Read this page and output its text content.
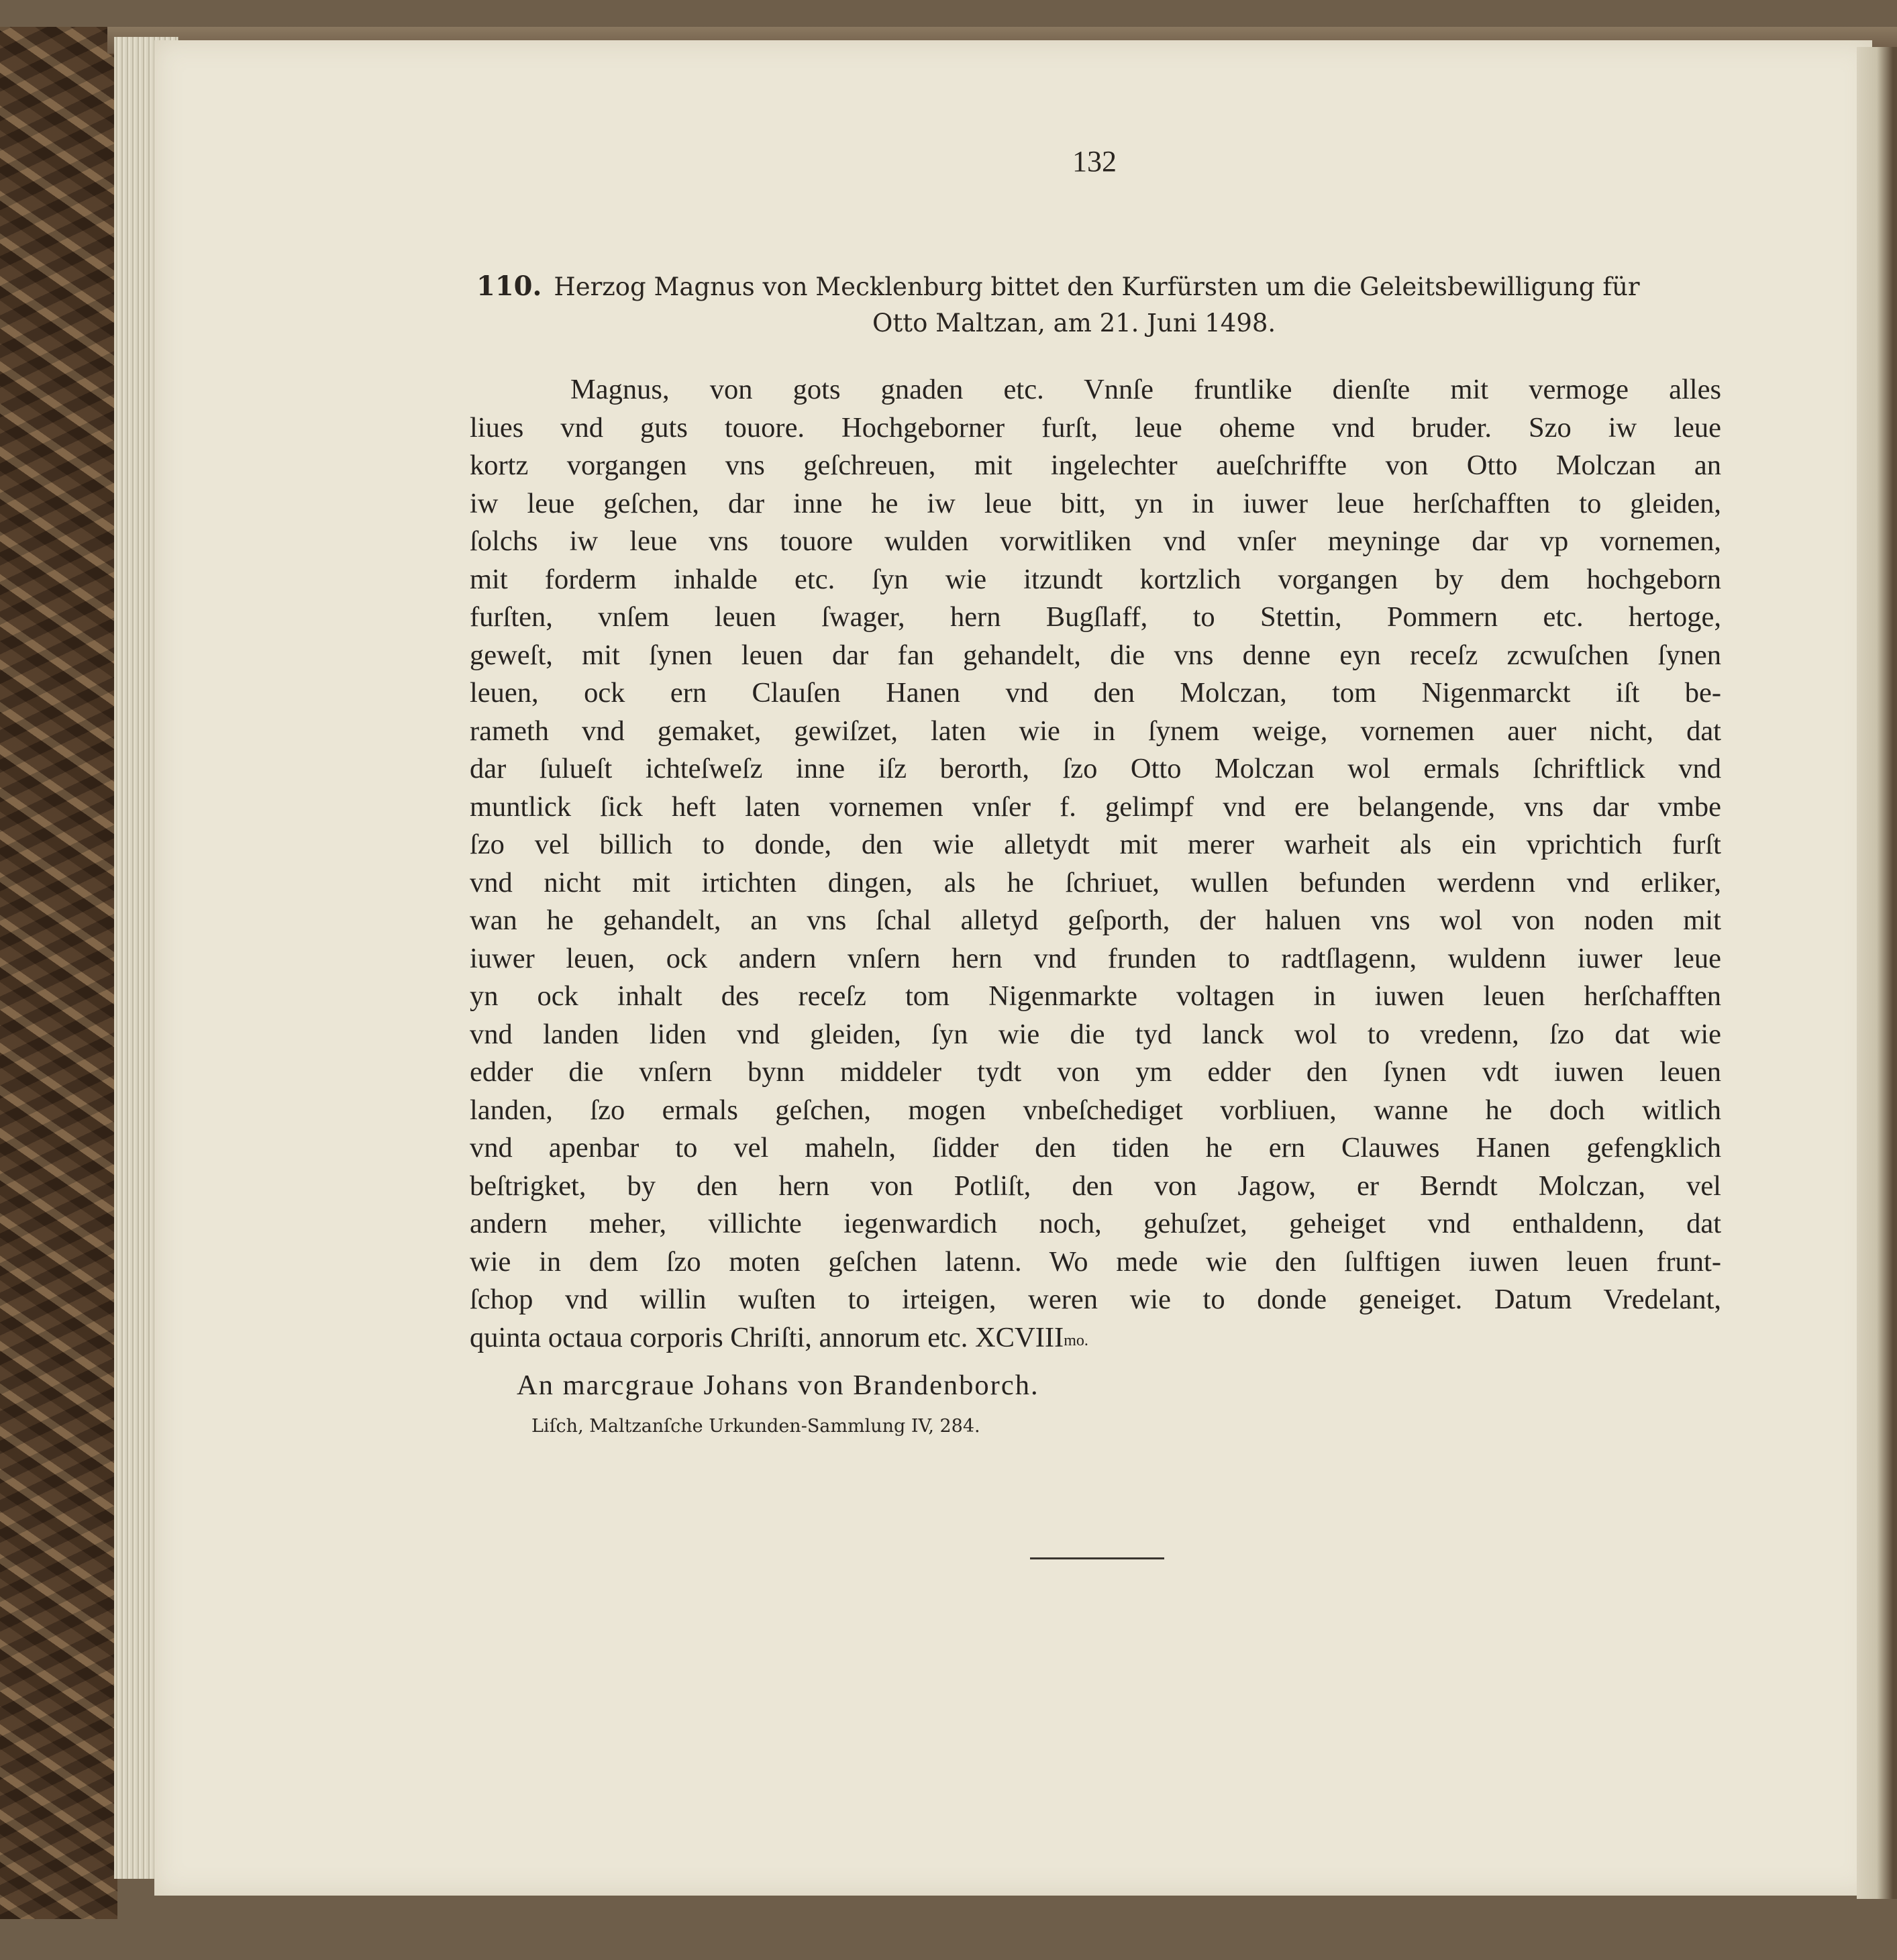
132
110. Herzog Magnus von Mecklenburg bittet den Kurfürsten um die Geleitsbewilligung für
Otto Maltzan, am 21. Juni 1498.
Magnus, von gots gnaden etc. Vnnſe fruntlike dienſte mit vermoge alles
liues vnd guts touore. Hochgeborner furſt, leue oheme vnd bruder. Szo iw leue
kortz vorgangen vns geſchreuen, mit ingelechter aueſchriffte von Otto Molczan an
iw leue geſchen, dar inne he iw leue bitt, yn in iuwer leue herſchafften to gleiden,
ſolchs iw leue vns touore wulden vorwitliken vnd vnſer meyninge dar vp vornemen,
mit forderm inhalde etc. ſyn wie itzundt kortzlich vorgangen by dem hochgeborn
furſten, vnſem leuen ſwager, hern Bugſlaff, to Stettin, Pommern etc. hertoge,
geweſt, mit ſynen leuen dar fan gehandelt, die vns denne eyn receſz zcwuſchen ſynen
leuen, ock ern Clauſen Hanen vnd den Molczan, tom Nigenmarckt iſt be-
rameth vnd gemaket, gewiſzet, laten wie in ſynem weige, vornemen auer nicht, dat
dar ſulueſt ichteſweſz inne iſz berorth, ſzo Otto Molczan wol ermals ſchriftlick vnd
muntlick ſick heft laten vornemen vnſer f. gelimpf vnd ere belangende, vns dar vmbe
ſzo vel billich to donde, den wie alletydt mit merer warheit als ein vprichtich furſt
vnd nicht mit irtichten dingen, als he ſchriuet, wullen befunden werdenn vnd erliker,
wan he gehandelt, an vns ſchal alletyd geſporth, der haluen vns wol von noden mit
iuwer leuen, ock andern vnſern hern vnd frunden to radtſlagenn, wuldenn iuwer leue
yn ock inhalt des receſz tom Nigenmarkte voltagen in iuwen leuen herſchafften
vnd landen liden vnd gleiden, ſyn wie die tyd lanck wol to vredenn, ſzo dat wie
edder die vnſern bynn middeler tydt von ym edder den ſynen vdt iuwen leuen
landen, ſzo ermals geſchen, mogen vnbeſchediget vorbliuen, wanne he doch witlich
vnd apenbar to vel maheln, ſidder den tiden he ern Clauwes Hanen gefengklich
beſtrigket, by den hern von Potliſt, den von Jagow, er Berndt Molczan, vel
andern meher, villichte iegenwardich noch, gehuſzet, geheiget vnd enthaldenn, dat
wie in dem ſzo moten geſchen latenn. Wo mede wie den ſulftigen iuwen leuen frunt-
ſchop vnd willin wuſten to irteigen, weren wie to donde geneiget. Datum Vredelant,
quinta octaua corporis Chriſti, annorum etc. $XCVIII^{mo.}$
An marcgraue Johans von Brandenborch.
Liſch, Maltzanſche Urkunden-Sammlung IV, 284.
